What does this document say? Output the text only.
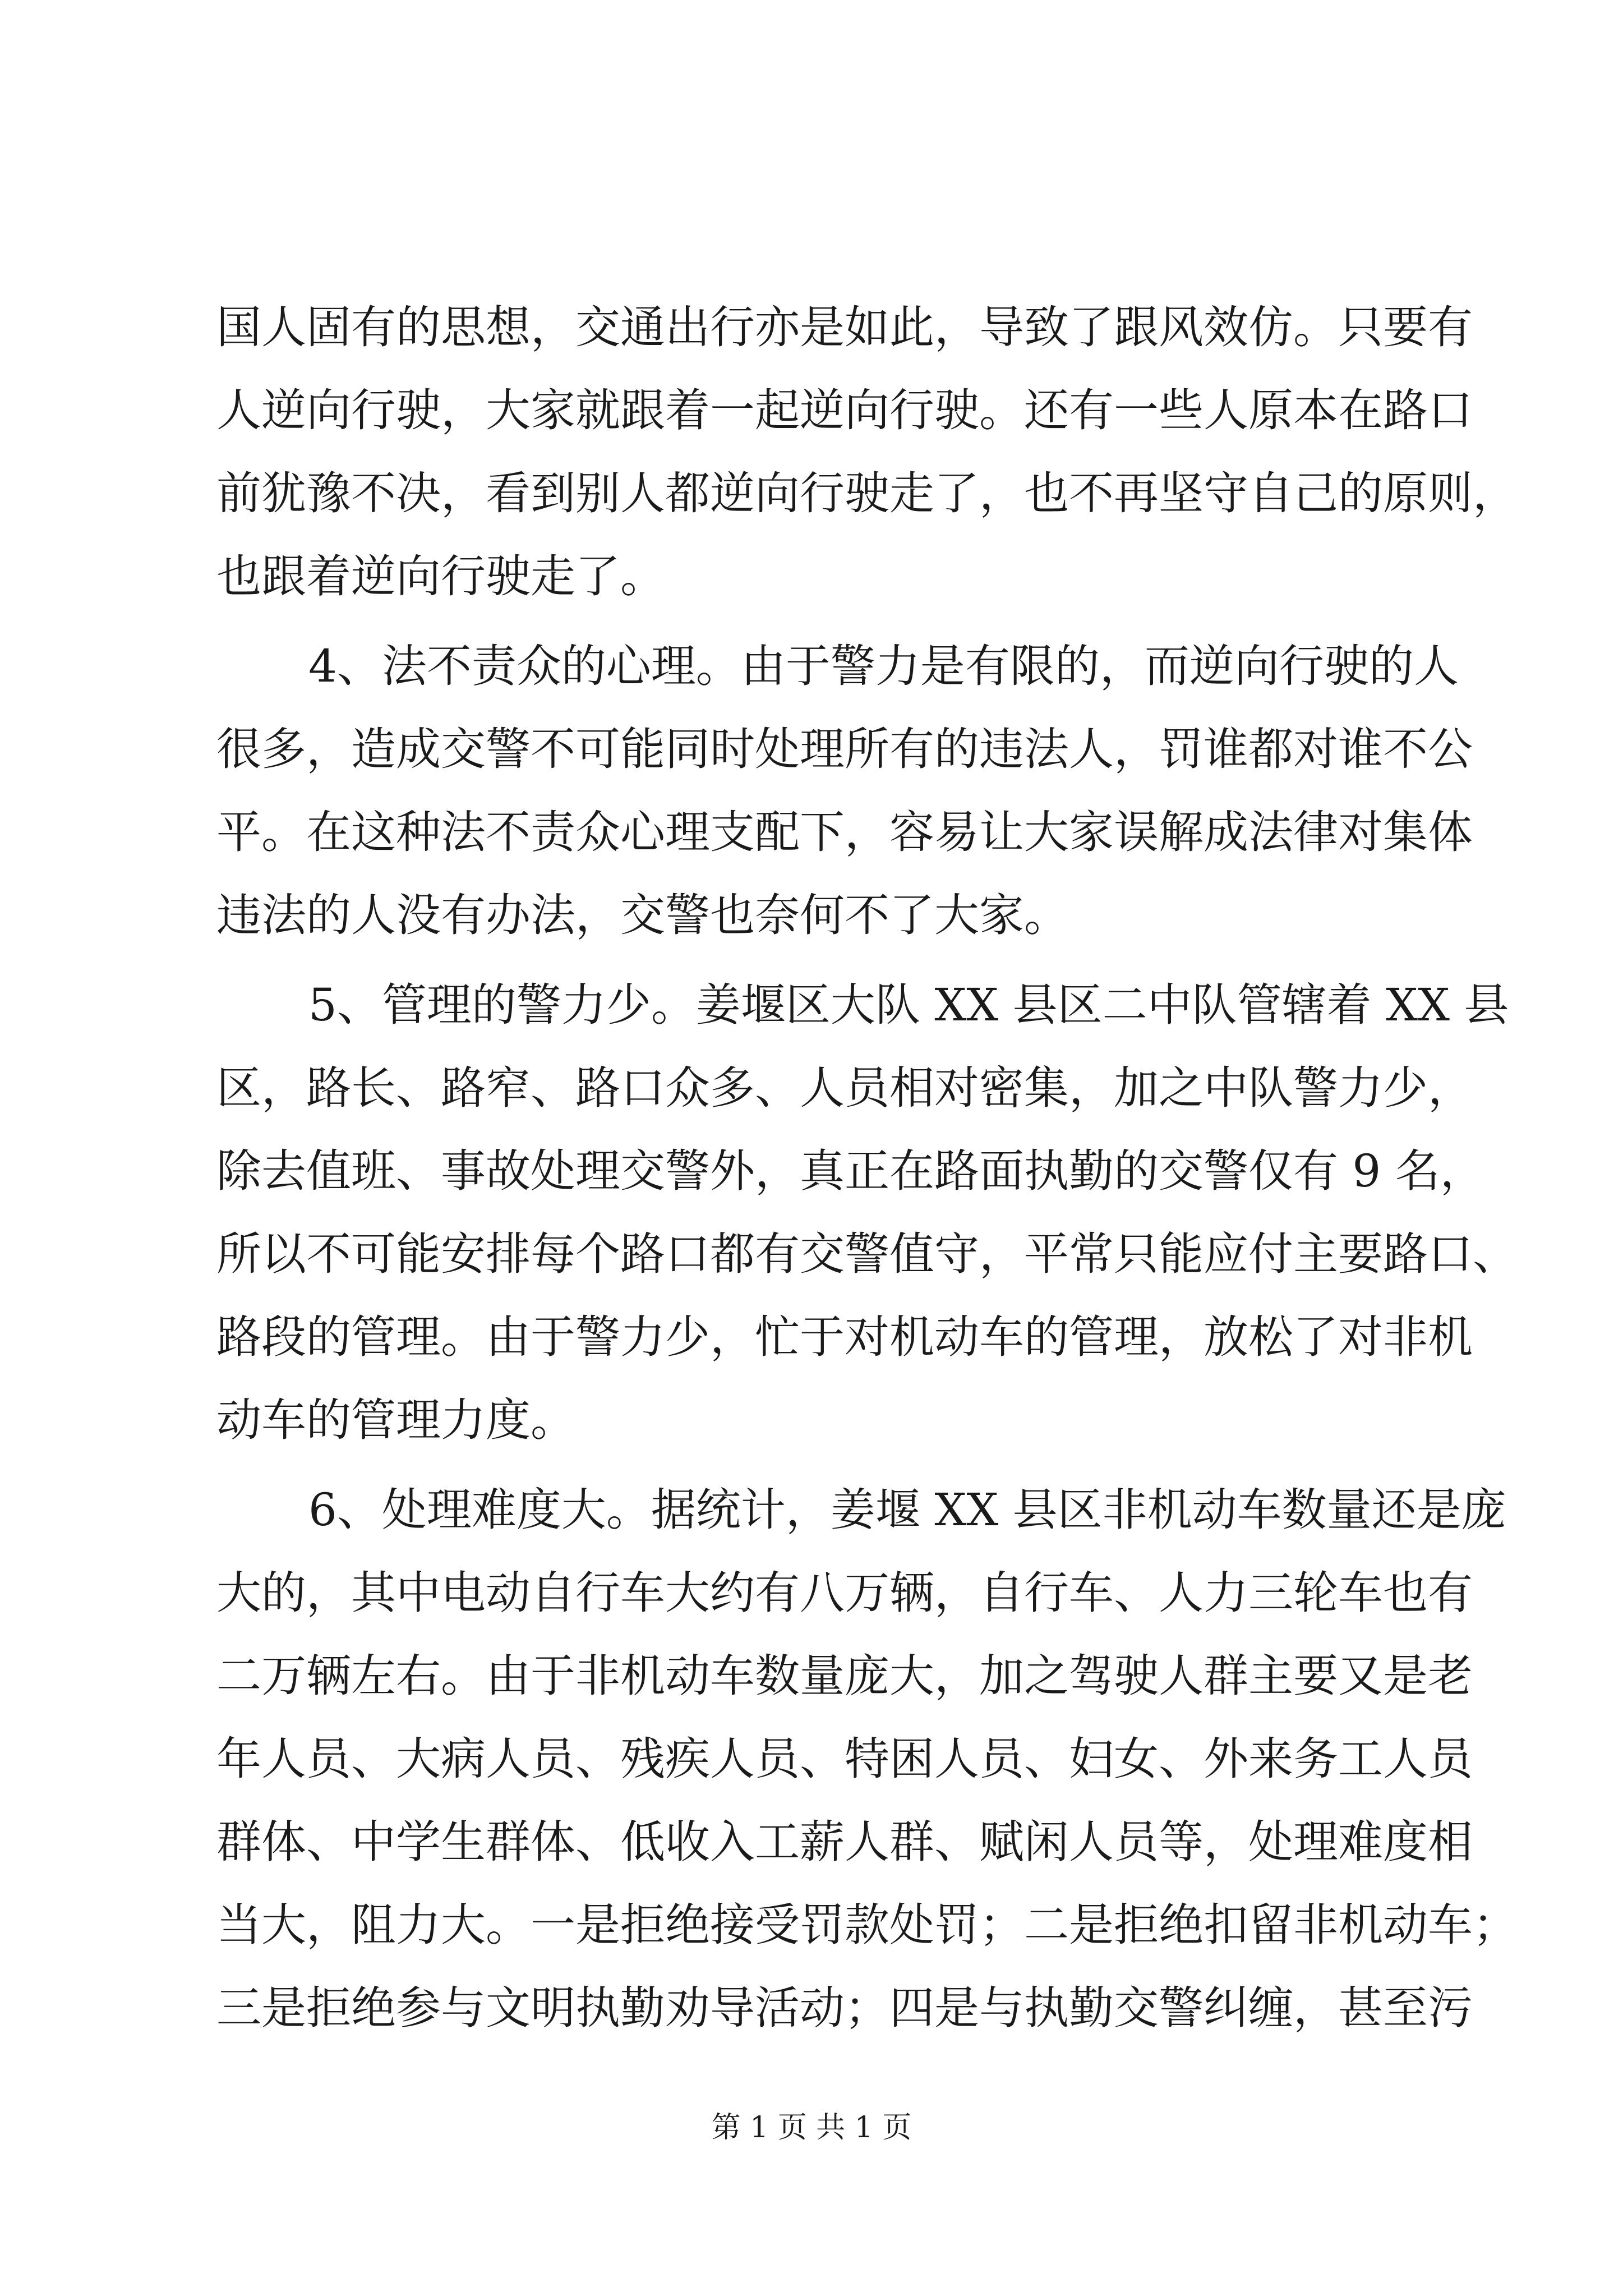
国人固有的思想，交通出行亦是如此，导致了跟风效仿。只要有
人逆向行驶，大家就跟着一起逆向行驶。还有一些人原本在路口
前犹豫不决，看到别人都逆向行驶走了，也不再坚守自己的原则，
也跟着逆向行驶走了。
4、法不责众的心理。由于警力是有限的，而逆向行驶的人
很多，造成交警不可能同时处理所有的违法人，罚谁都对谁不公
平。在这种法不责众心理支配下，容易让大家误解成法律对集体
违法的人没有办法，交警也奈何不了大家。
5、管理的警力少。姜堰区大队 XX 县区二中队管辖着 XX 县
区，路长、路窄、路口众多、人员相对密集，加之中队警力少，
除去值班、事故处理交警外，真正在路面执勤的交警仅有 9 名，
所以不可能安排每个路口都有交警值守，平常只能应付主要路口、
路段的管理。由于警力少，忙于对机动车的管理，放松了对非机
动车的管理力度。
6、处理难度大。据统计，姜堰 XX 县区非机动车数量还是庞
大的，其中电动自行车大约有八万辆，自行车、人力三轮车也有
二万辆左右。由于非机动车数量庞大，加之驾驶人群主要又是老
年人员、大病人员、残疾人员、特困人员、妇女、外来务工人员
群体、中学生群体、低收入工薪人群、赋闲人员等，处理难度相
当大，阻力大。一是拒绝接受罚款处罚；二是拒绝扣留非机动车；
三是拒绝参与文明执勤劝导活动；四是与执勤交警纠缠，甚至污
第 1 页 共 1 页
